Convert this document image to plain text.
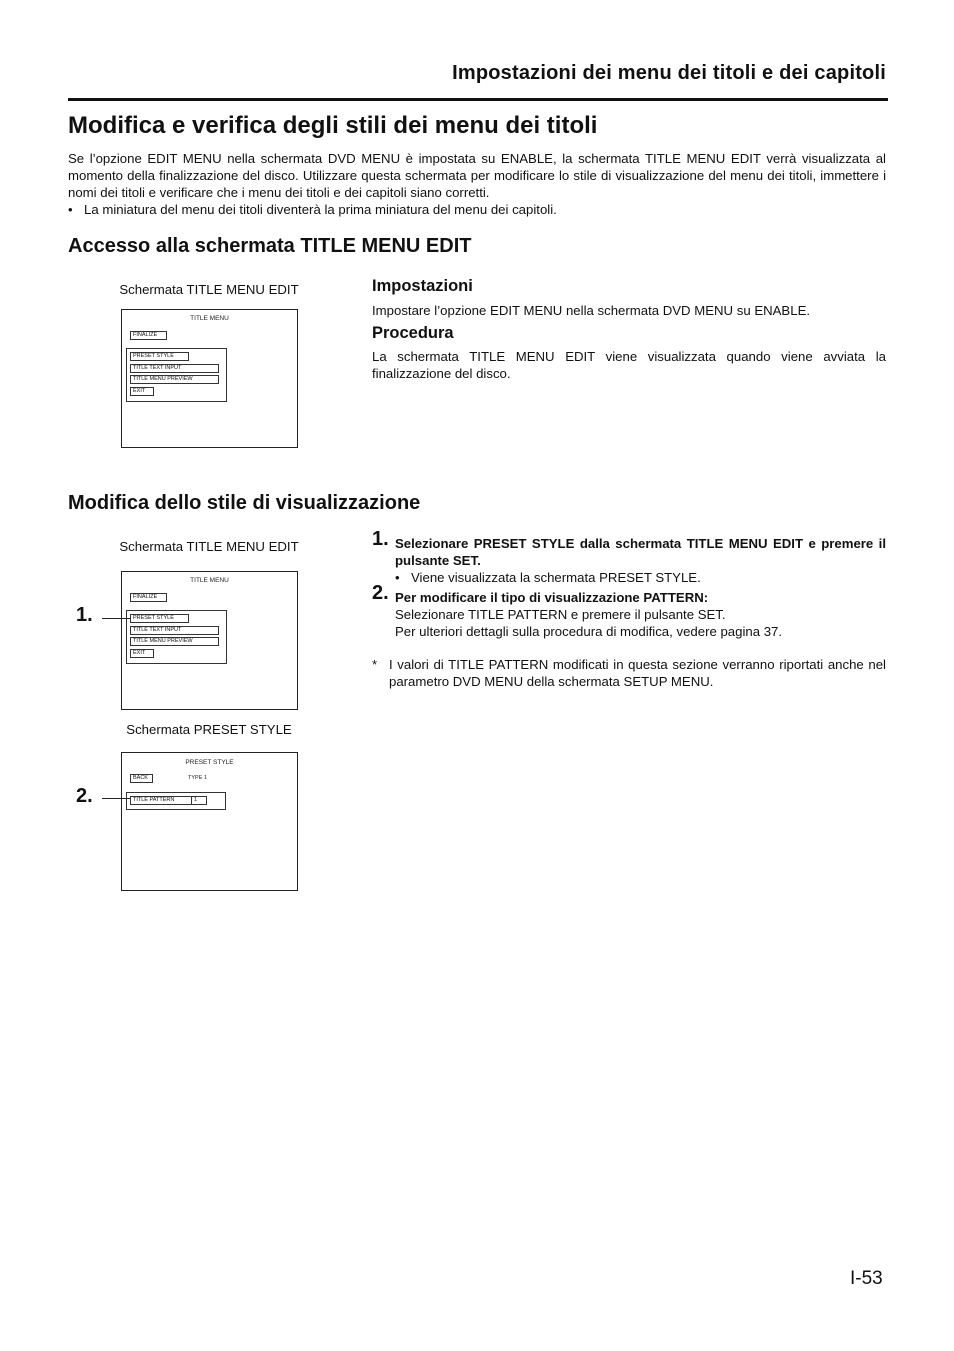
Impostazioni dei menu dei titoli e dei capitoli
Modifica e verifica degli stili dei menu dei titoli
Se l’opzione EDIT MENU nella schermata DVD MENU è impostata su ENABLE, la schermata TITLE MENU EDIT verrà visualizzata al momento della finalizzazione del disco. Utilizzare questa schermata per modificare lo stile di visualizzazione del menu dei titoli, immettere i nomi dei titoli e verificare che i menu dei titoli e dei capitoli siano corretti.
• La miniatura del menu dei titoli diventerà la prima miniatura del menu dei capitoli.
Accesso alla schermata TITLE MENU EDIT
Schermata TITLE MENU EDIT
TITLE MENU
FINALIZE
PRESET STYLE
TITLE TEXT INPUT
TITLE MENU PREVIEW
EXIT
Impostazioni
Impostare l’opzione EDIT MENU nella schermata DVD MENU su ENABLE.
Procedura
La schermata TITLE MENU EDIT viene visualizzata quando viene avviata la finalizzazione del disco.
Modifica dello stile di visualizzazione
Schermata TITLE MENU EDIT
TITLE MENU
FINALIZE
PRESET STYLE
TITLE TEXT INPUT
TITLE MENU PREVIEW
EXIT
1.
Schermata PRESET STYLE
PRESET STYLE
BACK	TYPE 1
TITLE PATTERN	1
2.
1. Selezionare PRESET STYLE dalla schermata TITLE MENU EDIT e premere il pulsante SET.
• Viene visualizzata la schermata PRESET STYLE.
2. Per modificare il tipo di visualizzazione PATTERN:
Selezionare TITLE PATTERN e premere il pulsante SET.
Per ulteriori dettagli sulla procedura di modifica, vedere pagina 37.
* I valori di TITLE PATTERN modificati in questa sezione verranno riportati anche nel parametro DVD MENU della schermata SETUP MENU.
I-53
